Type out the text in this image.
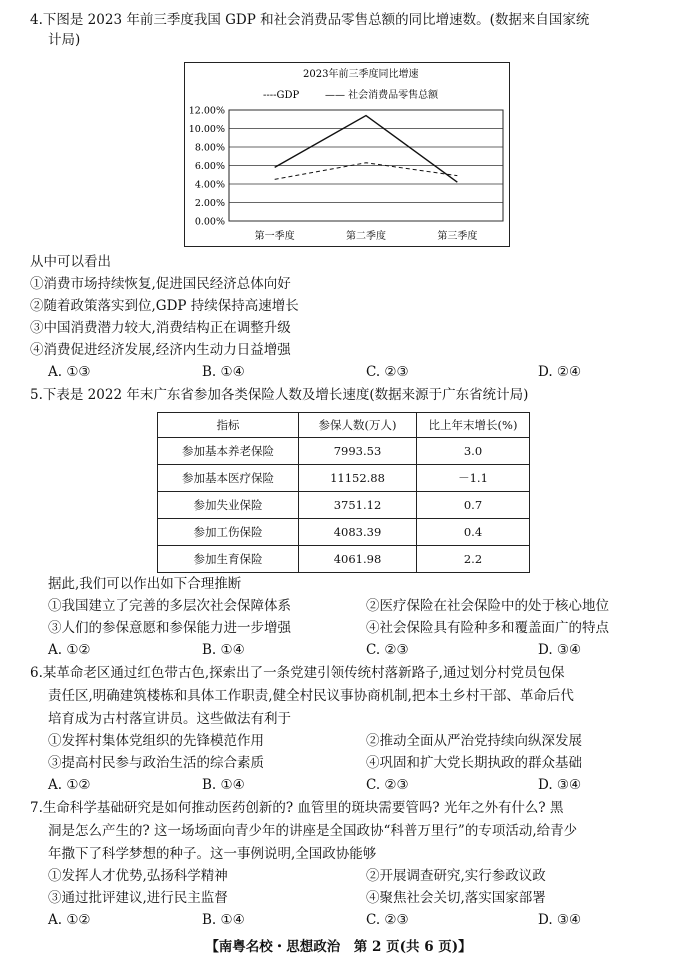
4.下图是 2023 年前三季度我国 GDP 和社会消费品零售总额的同比增速数。(数据来自国家统
计局)
2023年前三季度同比增速
----GDP	—— 社会消费品零售总额
0.00%
2.00%
4.00%
6.00%
8.00%
10.00%
12.00%
第一季度	第二季度	第三季度
从中可以看出
①消费市场持续恢复,促进国民经济总体向好
②随着政策落实到位,GDP 持续保持高速增长
③中国消费潜力较大,消费结构正在调整升级
④消费促进经济发展,经济内生动力日益增强
A. ①③	B. ①④	C. ②③	D. ②④
5.下表是 2022 年末广东省参加各类保险人数及增长速度(数据来源于广东省统计局)
指标	参保人数(万人)	比上年末增长(%)
参加基本养老保险	7993.53	3.0
参加基本医疗保险	11152.88	－1.1
参加失业保险	3751.12	0.7
参加工伤保险	4083.39	0.4
参加生育保险	4061.98	2.2
据此,我们可以作出如下合理推断
①我国建立了完善的多层次社会保障体系	②医疗保险在社会保险中的处于核心地位
③人们的参保意愿和参保能力进一步增强	④社会保险具有险种多和覆盖面广的特点
A. ①②	B. ①④	C. ②③	D. ③④
6.某革命老区通过红色带古色,探索出了一条党建引领传统村落新路子,通过划分村党员包保
责任区,明确建筑楼栋和具体工作职责,健全村民议事协商机制,把本土乡村干部、革命后代
培育成为古村落宣讲员。这些做法有利于
①发挥村集体党组织的先锋模范作用	②推动全面从严治党持续向纵深发展
③提高村民参与政治生活的综合素质	④巩固和扩大党长期执政的群众基础
A. ①②	B. ①④	C. ②③	D. ③④
7.生命科学基础研究是如何推动医药创新的? 血管里的斑块需要管吗? 光年之外有什么? 黑
洞是怎么产生的? 这一场场面向青少年的讲座是全国政协“科普万里行”的专项活动,给青少
年撒下了科学梦想的种子。这一事例说明,全国政协能够
①发挥人才优势,弘扬科学精神	②开展调查研究,实行参政议政
③通过批评建议,进行民主监督	④聚焦社会关切,落实国家部署
A. ①②	B. ①④	C. ②③	D. ③④
【南粤名校・思想政治　第 2 页(共 6 页)】
